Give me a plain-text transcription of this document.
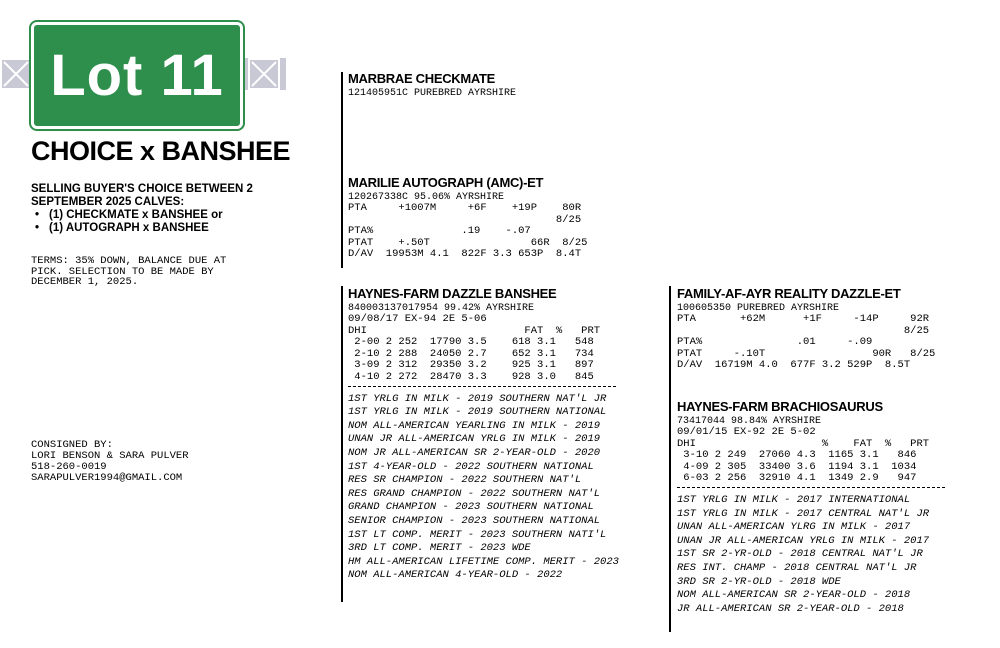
Lot 11
CHOICE x BANSHEE
SELLING BUYER'S CHOICE BETWEEN 2
SEPTEMBER 2025 CALVES:
• (1) CHECKMATE x BANSHEE or
• (1) AUTOGRAPH x BANSHEE
TERMS: 35% DOWN, BALANCE DUE AT
PICK. SELECTION TO BE MADE BY
DECEMBER 1, 2025.
CONSIGNED BY:
LORI BENSON & SARA PULVER
518-260-0019
SARAPULVER1994@GMAIL.COM
MARBRAE CHECKMATE
121405951C PUREBRED AYRSHIRE
MARILIE AUTOGRAPH (AMC)-ET
120267338C 95.06% AYRSHIRE
PTA     +1007M     +6F    +19P    80R
8/25
PTA%              .19    -.07
PTAT    +.50T                66R  8/25
D/AV  19953M 4.1  822F 3.3 653P  8.4T
HAYNES-FARM DAZZLE BANSHEE
840003137017954 99.42% AYRSHIRE
09/08/17 EX-94 2E 5-06
DHI                         FAT  %   PRT
2-00 2 252  17790 3.5    618 3.1   548
2-10 2 288  24050 2.7    652 3.1   734
3-09 2 312  29350 3.2    925 3.1   897
4-10 2 272  28470 3.3    928 3.0   845
1ST YRLG IN MILK - 2019 SOUTHERN NAT'L JR
1ST YRLG IN MILK - 2019 SOUTHERN NATIONAL
NOM ALL-AMERICAN YEARLING IN MILK - 2019
UNAN JR ALL-AMERICAN YRLG IN MILK - 2019
NOM JR ALL-AMERICAN SR 2-YEAR-OLD - 2020
1ST 4-YEAR-OLD - 2022 SOUTHERN NATIONAL
RES SR CHAMPION - 2022 SOUTHERN NAT'L
RES GRAND CHAMPION - 2022 SOUTHERN NAT'L
GRAND CHAMPION - 2023 SOUTHERN NATIONAL
SENIOR CHAMPION - 2023 SOUTHERN NATIONAL
1ST LT COMP. MERIT - 2023 SOUTHERN NATI'L
3RD LT COMP. MERIT - 2023 WDE
HM ALL-AMERICAN LIFETIME COMP. MERIT - 2023
NOM ALL-AMERICAN 4-YEAR-OLD - 2022
FAMILY-AF-AYR REALITY DAZZLE-ET
100605350 PUREBRED AYRSHIRE
PTA       +62M      +1F     -14P     92R
8/25
PTA%               .01     -.09
PTAT     -.10T                 90R   8/25
D/AV  16719M 4.0  677F 3.2 529P  8.5T
HAYNES-FARM BRACHIOSAURUS
73417044 98.84% AYRSHIRE
09/01/15 EX-92 2E 5-02
DHI                    %    FAT  %   PRT
3-10 2 249  27060 4.3  1165 3.1   846
4-09 2 305  33400 3.6  1194 3.1  1034
6-03 2 256  32910 4.1  1349 2.9   947
1ST YRLG IN MILK - 2017 INTERNATIONAL
1ST YRLG IN MILK - 2017 CENTRAL NAT'L JR
UNAN ALL-AMERICAN YLRG IN MILK - 2017
UNAN JR ALL-AMERICAN YRLG IN MILK - 2017
1ST SR 2-YR-OLD - 2018 CENTRAL NAT'L JR
RES INT. CHAMP - 2018 CENTRAL NAT'L JR
3RD SR 2-YR-OLD - 2018 WDE
NOM ALL-AMERICAN SR 2-YEAR-OLD - 2018
JR ALL-AMERICAN SR 2-YEAR-OLD - 2018
